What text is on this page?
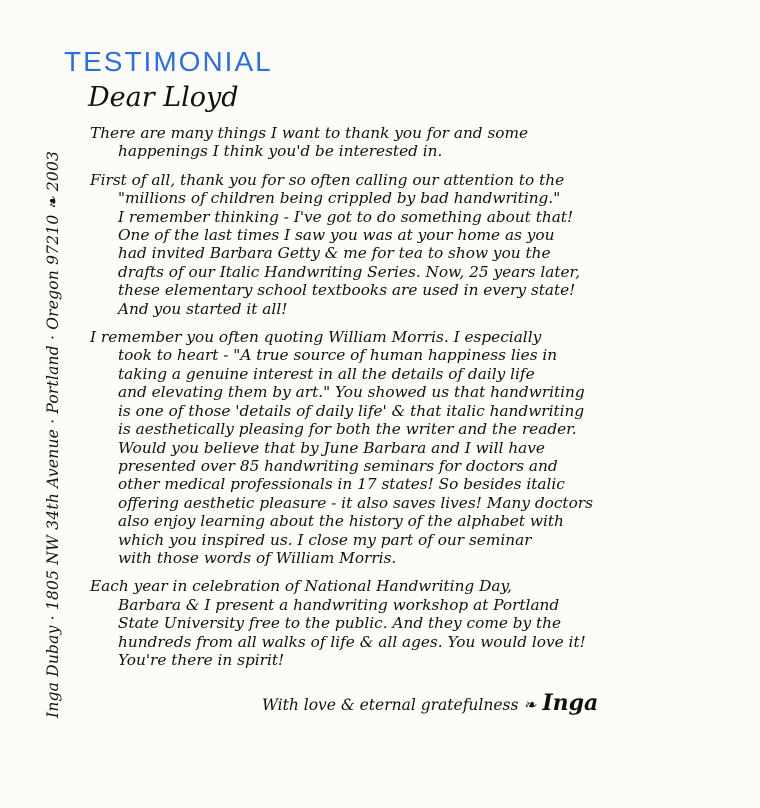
TESTIMONIAL
Dear Lloyd
Inga Dubay · 1805 NW 34th Avenue · Portland · Oregon 97210 ❧ 2003
There are many things I want to thank you for and some
happenings I think you'd be interested in.
First of all, thank you for so often calling our attention to the
"millions of children being crippled by bad handwriting."
I remember thinking - I've got to do something about that!
One of the last times I saw you was at your home as you
had invited Barbara Getty & me for tea to show you the
drafts of our Italic Handwriting Series. Now, 25 years later,
these elementary school textbooks are used in every state!
And you started it all!
I remember you often quoting William Morris. I especially
took to heart - "A true source of human happiness lies in
taking a genuine interest in all the details of daily life
and elevating them by art." You showed us that handwriting
is one of those 'details of daily life' & that italic handwriting
is aesthetically pleasing for both the writer and the reader.
Would you believe that by June Barbara and I will have
presented over 85 handwriting seminars for doctors and
other medical professionals in 17 states! So besides italic
offering aesthetic pleasure - it also saves lives! Many doctors
also enjoy learning about the history of the alphabet with
which you inspired us. I close my part of our seminar
with those words of William Morris.
Each year in celebration of National Handwriting Day,
Barbara & I present a handwriting workshop at Portland
State University free to the public. And they come by the
hundreds from all walks of life & all ages. You would love it!
You're there in spirit!
With love & eternal gratefulness ❧ Inga
